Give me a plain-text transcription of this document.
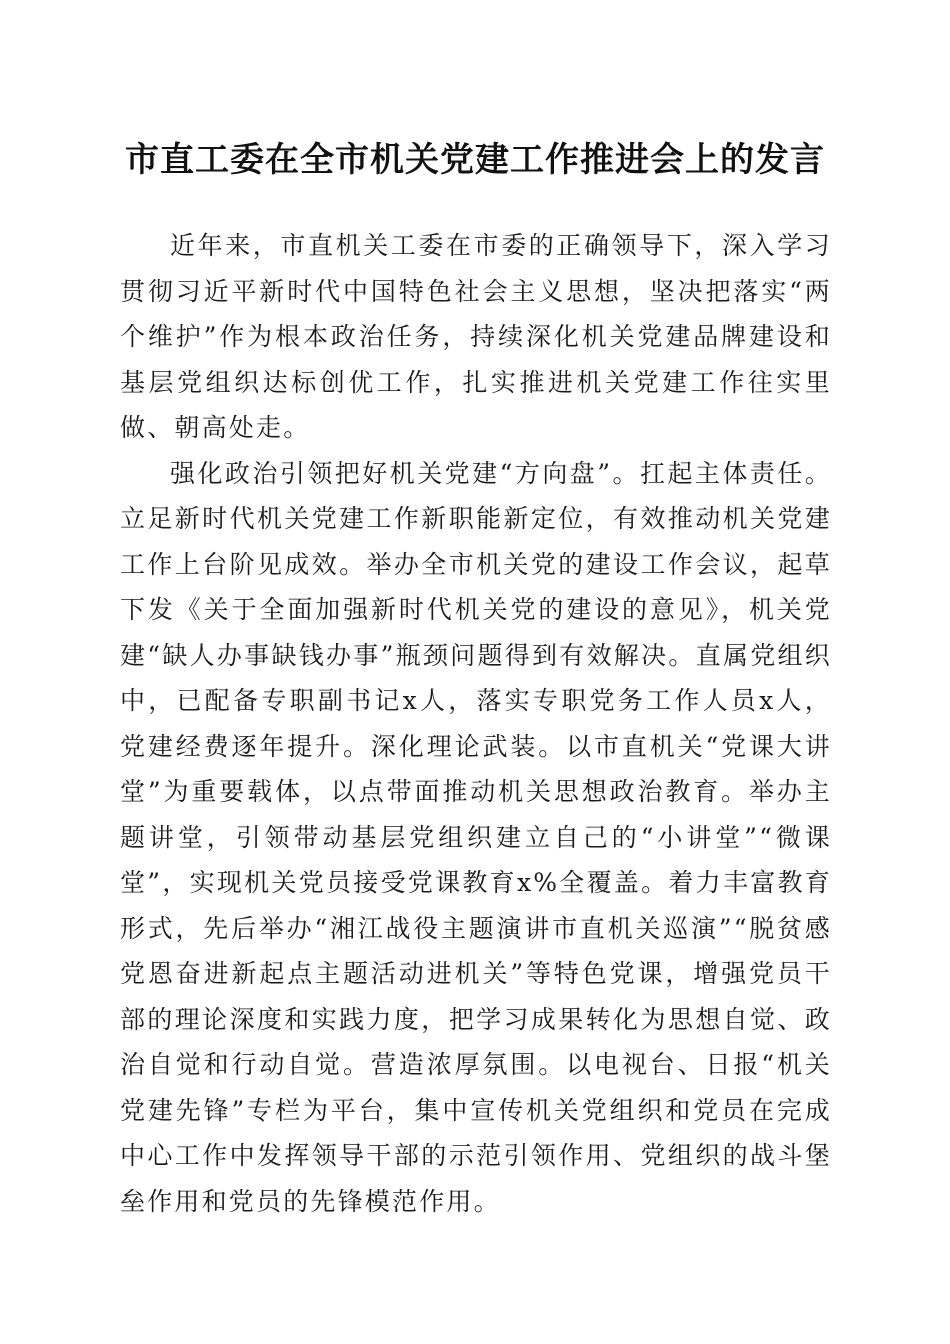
市直工委在全市机关党建工作推进会上的发言

近年来，市直机关工委在市委的正确领导下，深入学习贯彻习近平新时代中国特色社会主义思想，坚决把落实“两个维护”作为根本政治任务，持续深化机关党建品牌建设和基层党组织达标创优工作，扎实推进机关党建工作往实里做、朝高处走。

强化政治引领把好机关党建“方向盘”。扛起主体责任。立足新时代机关党建工作新职能新定位，有效推动机关党建工作上台阶见成效。举办全市机关党的建设工作会议，起草下发《关于全面加强新时代机关党的建设的意见》，机关党建“缺人办事缺钱办事”瓶颈问题得到有效解决。直属党组织中，已配备专职副书记x人，落实专职党务工作人员x人，党建经费逐年提升。深化理论武装。以市直机关“党课大讲堂”为重要载体，以点带面推动机关思想政治教育。举办主题讲堂，引领带动基层党组织建立自己的“小讲堂”“微课堂”，实现机关党员接受党课教育x%全覆盖。着力丰富教育形式，先后举办“湘江战役主题演讲市直机关巡演”“脱贫感党恩奋进新起点主题活动进机关”等特色党课，增强党员干部的理论深度和实践力度，把学习成果转化为思想自觉、政治自觉和行动自觉。营造浓厚氛围。以电视台、日报“机关党建先锋”专栏为平台，集中宣传机关党组织和党员在完成中心工作中发挥领导干部的示范引领作用、党组织的战斗堡垒作用和党员的先锋模范作用。
